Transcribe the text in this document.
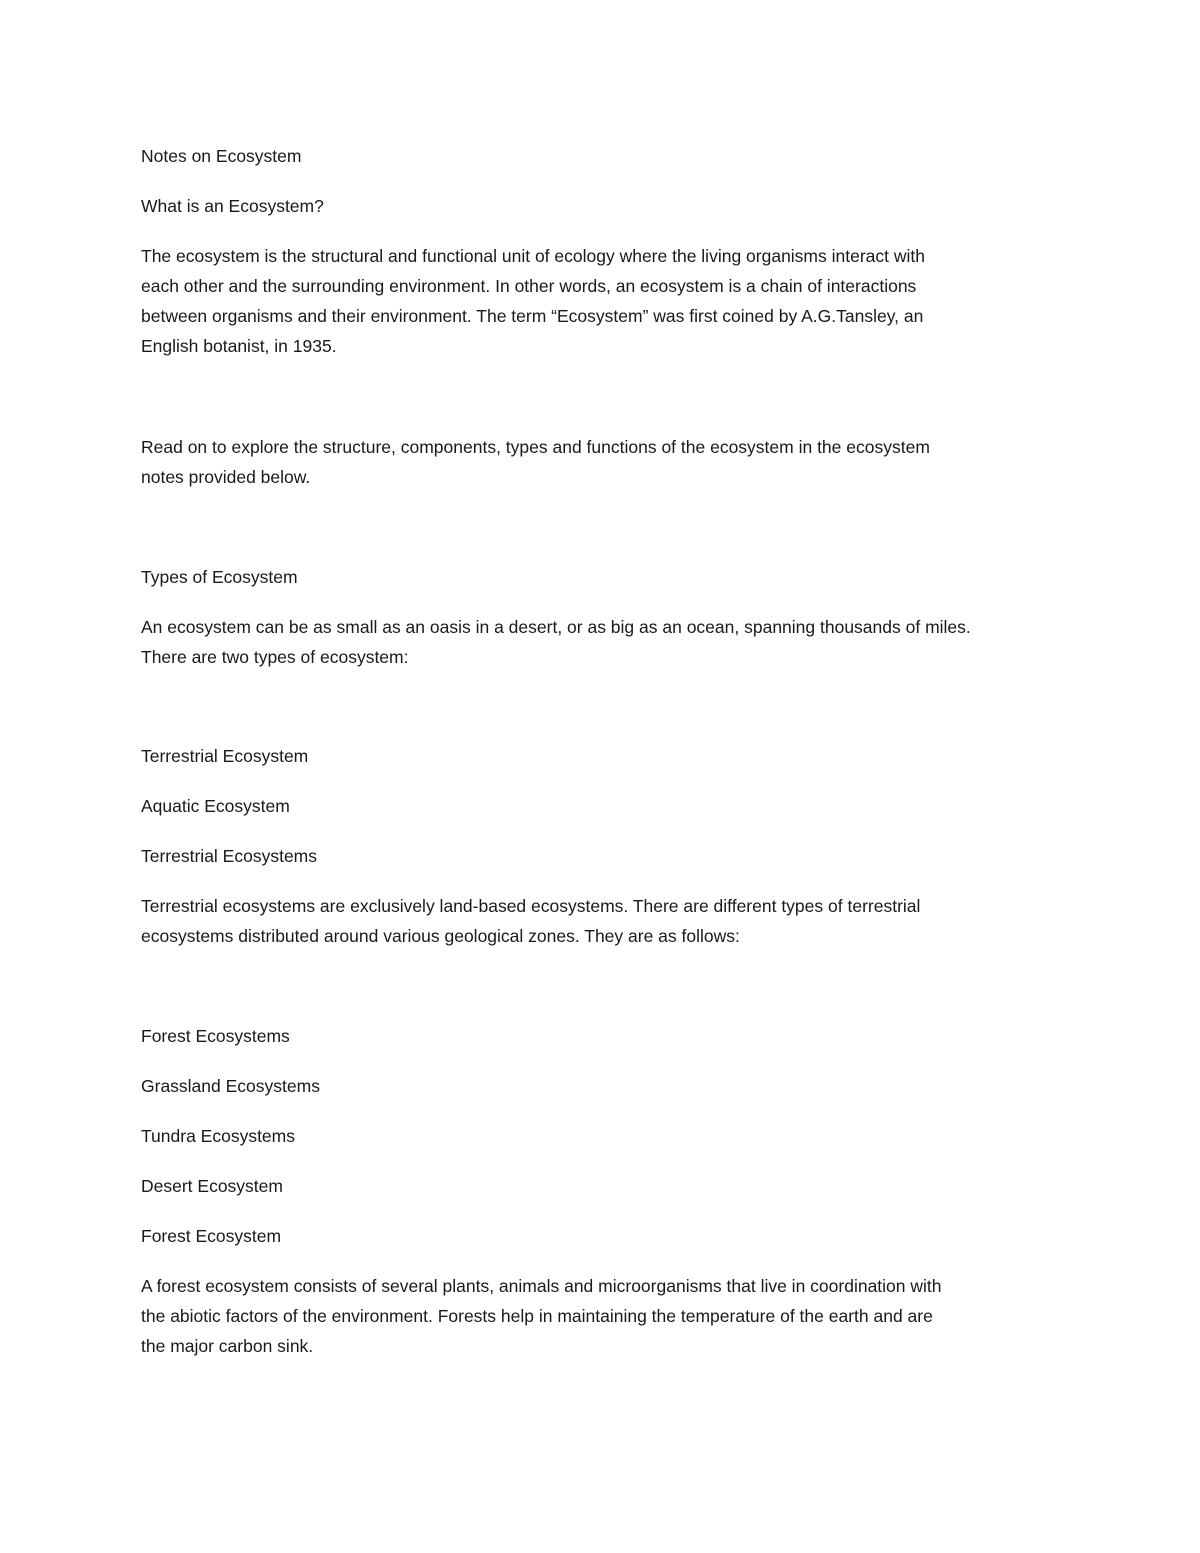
Notes on Ecosystem

What is an Ecosystem?

The ecosystem is the structural and functional unit of ecology where the living organisms interact with
each other and the surrounding environment. In other words, an ecosystem is a chain of interactions
between organisms and their environment. The term “Ecosystem” was first coined by A.G.Tansley, an
English botanist, in 1935.

Read on to explore the structure, components, types and functions of the ecosystem in the ecosystem
notes provided below.

Types of Ecosystem

An ecosystem can be as small as an oasis in a desert, or as big as an ocean, spanning thousands of miles.
There are two types of ecosystem:

Terrestrial Ecosystem

Aquatic Ecosystem

Terrestrial Ecosystems

Terrestrial ecosystems are exclusively land-based ecosystems. There are different types of terrestrial
ecosystems distributed around various geological zones. They are as follows:

Forest Ecosystems

Grassland Ecosystems

Tundra Ecosystems

Desert Ecosystem

Forest Ecosystem

A forest ecosystem consists of several plants, animals and microorganisms that live in coordination with
the abiotic factors of the environment. Forests help in maintaining the temperature of the earth and are
the major carbon sink.
